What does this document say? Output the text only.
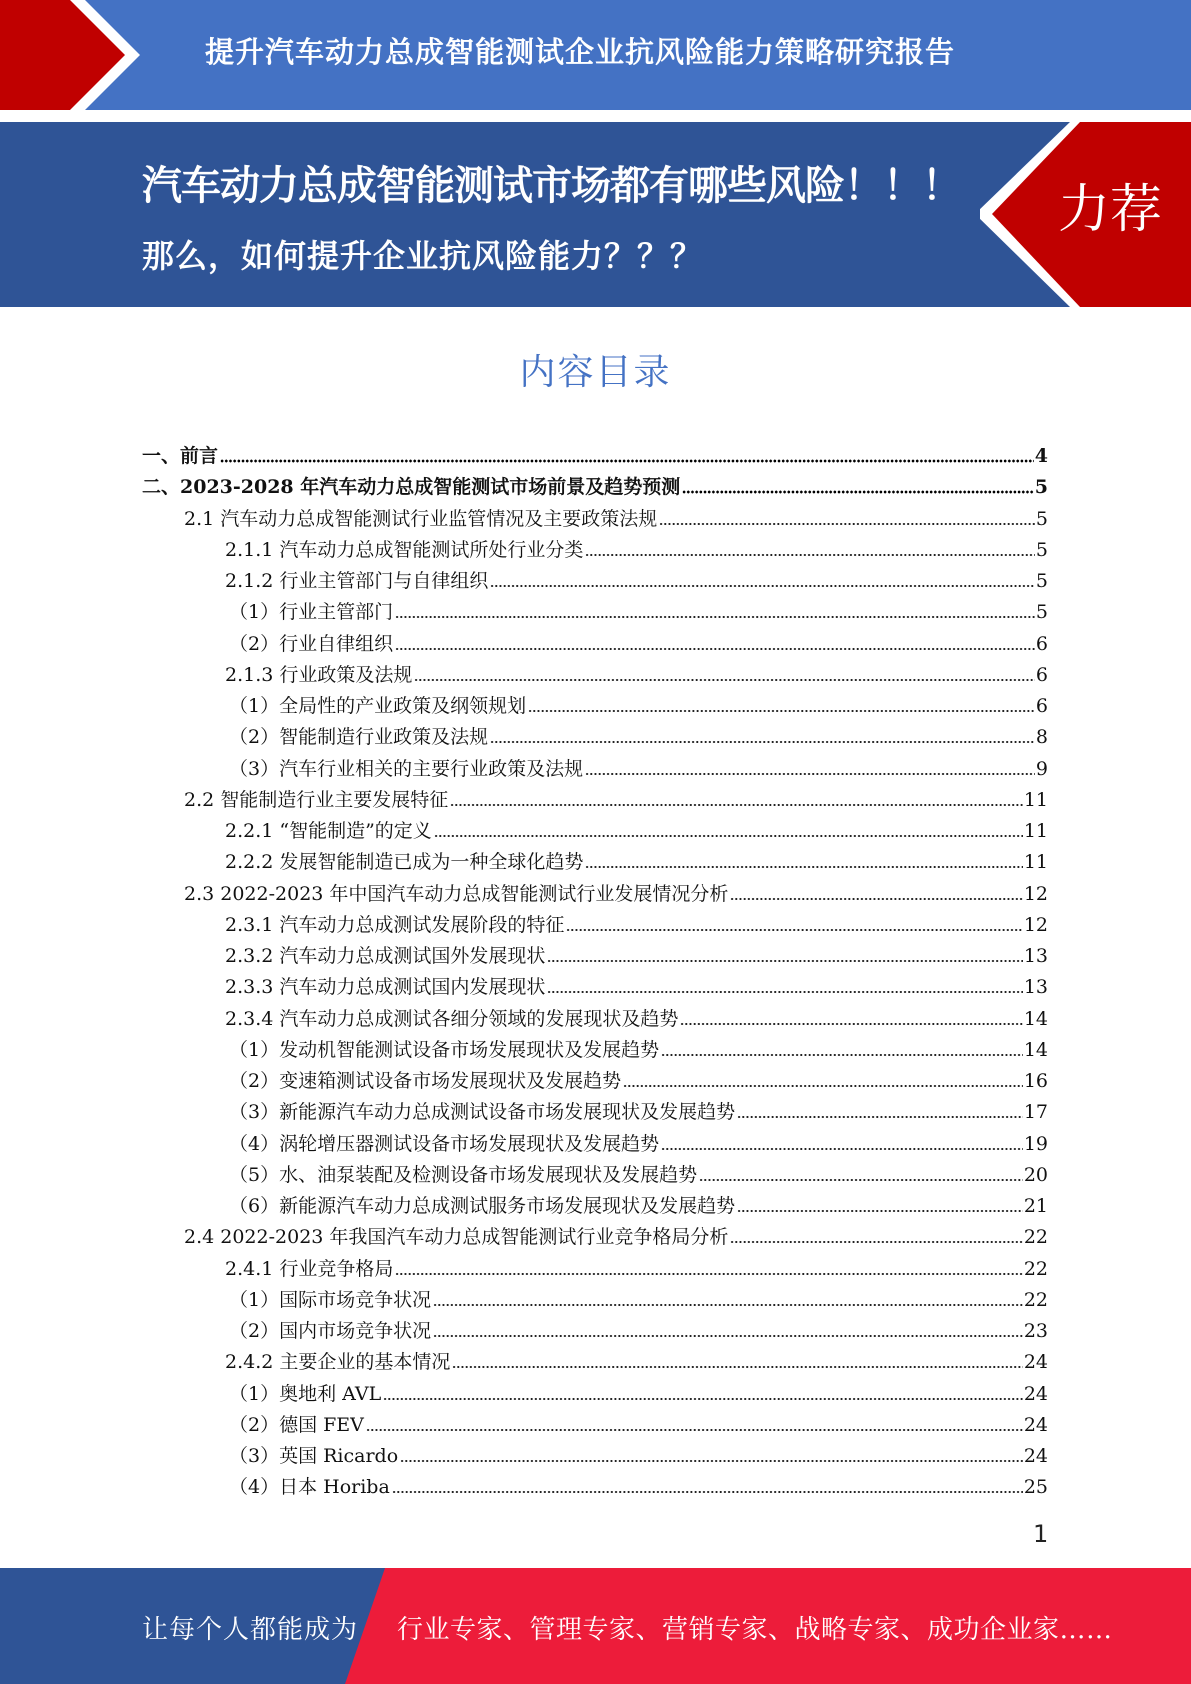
提升汽车动力总成智能测试企业抗风险能力策略研究报告
汽车动力总成智能测试市场都有哪些风险！！！
那么，如何提升企业抗风险能力？？？
力荐
内容目录
一、前言	4
二、2023-2028 年汽车动力总成智能测试市场前景及趋势预测	5
2.1 汽车动力总成智能测试行业监管情况及主要政策法规	5
2.1.1 汽车动力总成智能测试所处行业分类	5
2.1.2 行业主管部门与自律组织	5
（1）行业主管部门	5
（2）行业自律组织	6
2.1.3 行业政策及法规	6
（1）全局性的产业政策及纲领规划	6
（2）智能制造行业政策及法规	8
（3）汽车行业相关的主要行业政策及法规	9
2.2 智能制造行业主要发展特征	11
2.2.1 “智能制造”的定义	11
2.2.2 发展智能制造已成为一种全球化趋势	11
2.3 2022-2023 年中国汽车动力总成智能测试行业发展情况分析	12
2.3.1 汽车动力总成测试发展阶段的特征	12
2.3.2 汽车动力总成测试国外发展现状	13
2.3.3 汽车动力总成测试国内发展现状	13
2.3.4 汽车动力总成测试各细分领域的发展现状及趋势	14
（1）发动机智能测试设备市场发展现状及发展趋势	14
（2）变速箱测试设备市场发展现状及发展趋势	16
（3）新能源汽车动力总成测试设备市场发展现状及发展趋势	17
（4）涡轮增压器测试设备市场发展现状及发展趋势	19
（5）水、油泵装配及检测设备市场发展现状及发展趋势	20
（6）新能源汽车动力总成测试服务市场发展现状及发展趋势	21
2.4 2022-2023 年我国汽车动力总成智能测试行业竞争格局分析	22
2.4.1 行业竞争格局	22
（1）国际市场竞争状况	22
（2）国内市场竞争状况	23
2.4.2 主要企业的基本情况	24
（1）奥地利 AVL	24
（2）德国 FEV	24
（3）英国 Ricardo	24
（4）日本 Horiba	25
1
让每个人都能成为 行业专家、管理专家、营销专家、战略专家、成功企业家……
